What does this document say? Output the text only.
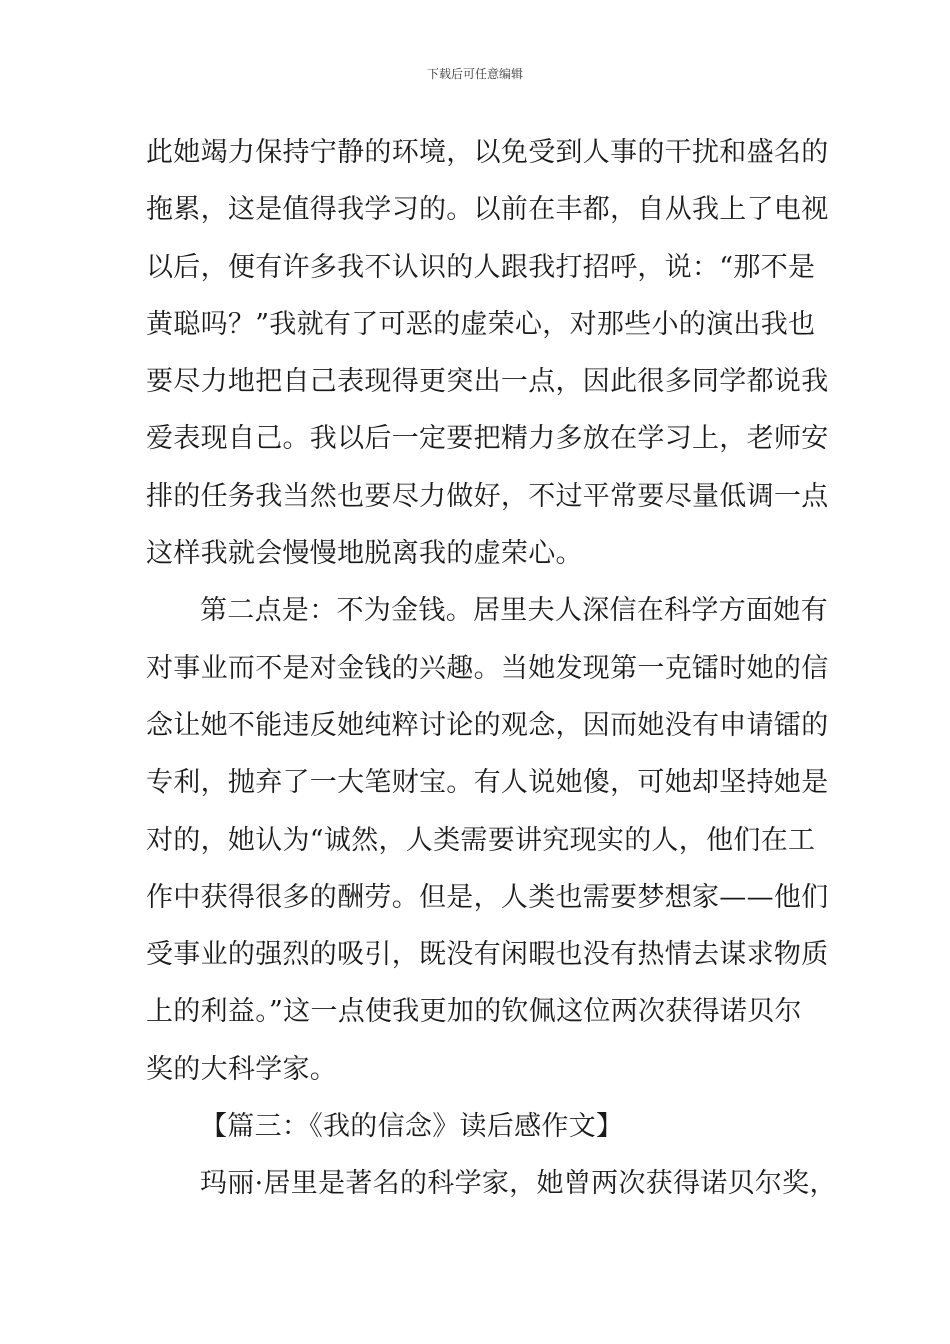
下载后可任意编辑
此她竭力保持宁静的环境，以免受到人事的干扰和盛名的
拖累，这是值得我学习的。以前在丰都，自从我上了电视
以后，便有许多我不认识的人跟我打招呼，说：“那不是
黄聪吗？”我就有了可恶的虚荣心，对那些小的演出我也
要尽力地把自己表现得更突出一点，因此很多同学都说我
爱表现自己。我以后一定要把精力多放在学习上，老师安
排的任务我当然也要尽力做好，不过平常要尽量低调一点
这样我就会慢慢地脱离我的虚荣心。
第二点是：不为金钱。居里夫人深信在科学方面她有
对事业而不是对金钱的兴趣。当她发现第一克镭时她的信
念让她不能违反她纯粹讨论的观念，因而她没有申请镭的
专利，抛弃了一大笔财宝。有人说她傻，可她却坚持她是
对的，她认为“诚然，人类需要讲究现实的人，他们在工
作中获得很多的酬劳。但是，人类也需要梦想家——他们
受事业的强烈的吸引，既没有闲暇也没有热情去谋求物质
上的利益。”这一点使我更加的钦佩这位两次获得诺贝尔
奖的大科学家。
【篇三：《我的信念》读后感作文】
玛丽·居里是著名的科学家，她曾两次获得诺贝尔奖，
